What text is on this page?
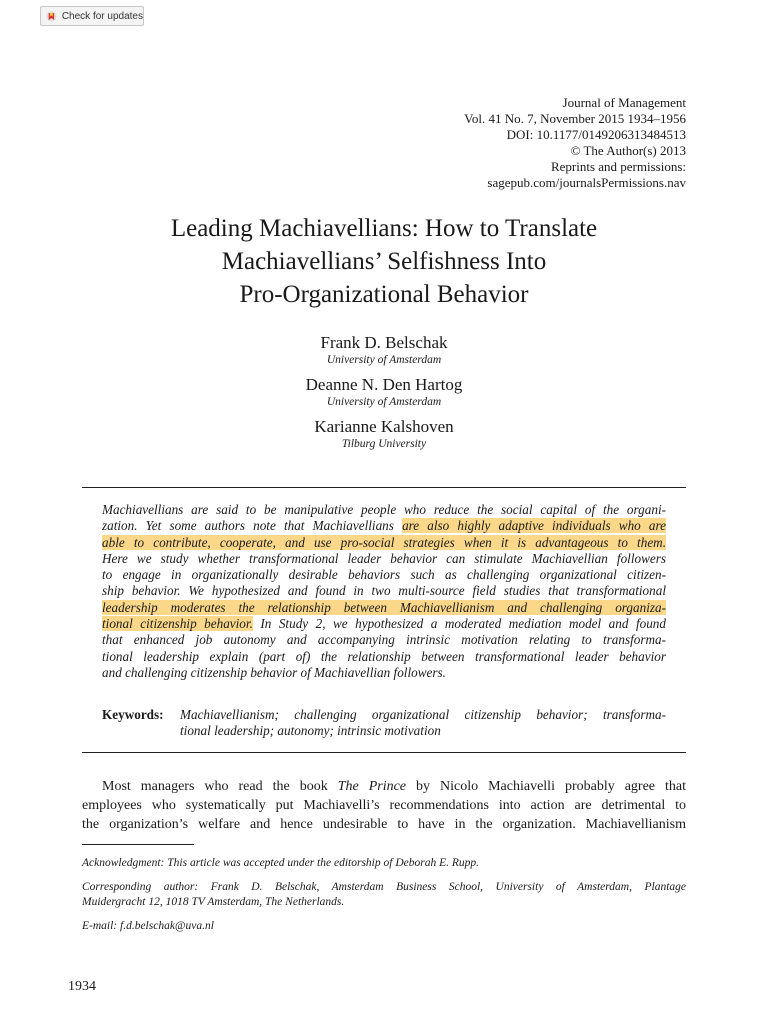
Check for updates
Journal of Management
Vol. 41 No. 7, November 2015 1934–1956
DOI: 10.1177/0149206313484513
© The Author(s) 2013
Reprints and permissions:
sagepub.com/journalsPermissions.nav
Leading Machiavellians: How to Translate
Machiavellians’ Selfishness Into
Pro-Organizational Behavior
Frank D. Belschak
University of Amsterdam
Deanne N. Den Hartog
University of Amsterdam
Karianne Kalshoven
Tilburg University
Machiavellians are said to be manipulative people who reduce the social capital of the organi-
zation. Yet some authors note that Machiavellians are also highly adaptive individuals who are
able to contribute, cooperate, and use pro-social strategies when it is advantageous to them.
Here we study whether transformational leader behavior can stimulate Machiavellian followers
to engage in organizationally desirable behaviors such as challenging organizational citizen-
ship behavior. We hypothesized and found in two multi-source field studies that transformational
leadership moderates the relationship between Machiavellianism and challenging organiza-
tional citizenship behavior. In Study 2, we hypothesized a moderated mediation model and found
that enhanced job autonomy and accompanying intrinsic motivation relating to transforma-
tional leadership explain (part of) the relationship between transformational leader behavior
and challenging citizenship behavior of Machiavellian followers.
Keywords:	Machiavellianism; challenging organizational citizenship behavior; transforma-
tional leadership; autonomy; intrinsic motivation
Most managers who read the book The Prince by Nicolo Machiavelli probably agree that
employees who systematically put Machiavelli’s recommendations into action are detrimental to
the organization’s welfare and hence undesirable to have in the organization. Machiavellianism

Acknowledgment: This article was accepted under the editorship of Deborah E. Rupp.

Corresponding author: Frank D. Belschak, Amsterdam Business School, University of Amsterdam, Plantage
Muidergracht 12, 1018 TV Amsterdam, The Netherlands.

E-mail: f.d.belschak@uva.nl

1934
